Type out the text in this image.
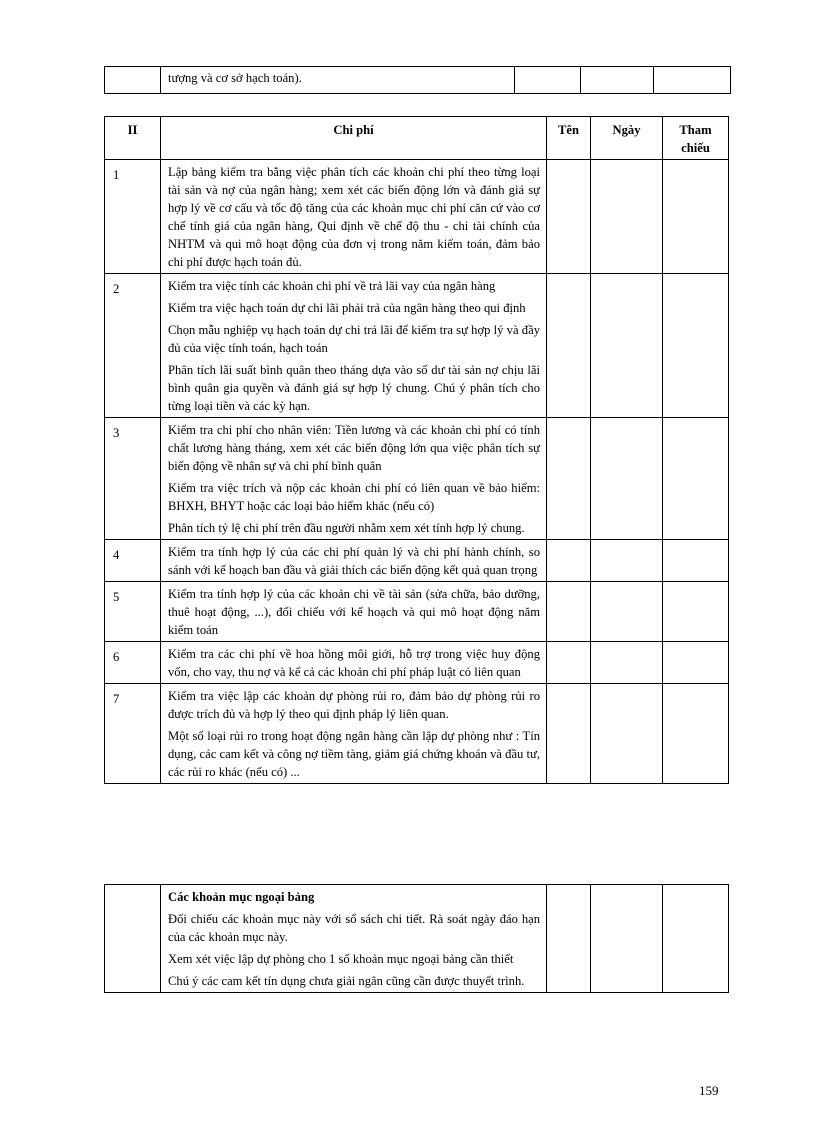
	tượng và cơ sở hạch toán).			
II	Chi phí	Tên	Ngày	Tham
chiếu
1	Lập bảng kiểm tra bằng việc phân tích các khoản chi phí theo từng loại tài sản và nợ của ngân hàng; xem xét các biến động lớn và đánh giá sự hợp lý về cơ cấu và tốc độ tăng của các khoản mục chi phí căn cứ vào cơ chế tính giá của ngân hàng, Qui định về chế độ thu - chi tài chính của NHTM và qui mô hoạt động của đơn vị trong năm kiểm toán, đảm bảo chi phí được hạch toán đủ.			

2	Kiểm tra việc tính các khoản chi phí về trả lãi vay của ngân hàng

Kiểm tra việc hạch toán dự chi lãi phải trả của ngân hàng theo qui định

Chọn mẫu nghiệp vụ hạch toán dự chi trả lãi để kiểm tra sự hợp lý và đầy đủ của việc tính toán, hạch toán

Phân tích lãi suất bình quân theo tháng dựa vào số dư tài sản nợ chịu lãi bình quân gia quyền và đánh giá sự hợp lý chung. Chú ý phân tích cho từng loại tiền và các kỳ hạn.			

3	Kiểm tra chi phí cho nhân viên: Tiền lương và các khoản chi phí có tính chất lương hàng tháng, xem xét các biến động lớn qua việc phân tích sự biến động về nhân sự và chi phí bình quân

Kiểm tra việc trích và nộp các khoản chi phí có liên quan về bảo hiểm: BHXH, BHYT hoặc các loại bảo hiểm khác (nếu có)

Phân tích tỷ lệ chi phí trên đầu người nhằm xem xét tính hợp lý chung.			

4	Kiểm tra tính hợp lý của các chi phí quản lý và chi phí hành chính, so sánh với kế hoạch ban đầu và giải thích các biến động kết quả quan trọng			

5	Kiểm tra tính hợp lý của các khoản chi về tài sản (sửa chữa, bảo dưỡng, thuê hoạt động, ...), đối chiếu với kế hoạch và qui mô hoạt động năm kiểm toán			

6	Kiểm tra các chi phí về hoa hồng môi giới, hỗ trợ trong việc huy động vốn, cho vay, thu nợ và kể cả các khoản chi phí pháp luật có liên quan			

7	Kiểm tra việc lập các khoản dự phòng rủi ro, đảm bảo dự phòng rủi ro được trích đủ và hợp lý theo qui định pháp lý liên quan.

Một số loại rủi ro trong hoạt động ngân hàng cần lập dự phòng như : Tín dụng, các cam kết và công nợ tiềm tàng, giảm giá chứng khoán và đầu tư, các rủi ro khác (nếu có) ...			

Các khoản mục ngoại bảng

Đối chiếu các khoản mục này với sổ sách chi tiết. Rà soát ngày đáo hạn của các khoản mục này.

Xem xét việc lập dự phòng cho 1 số khoản mục ngoại bảng cần thiết

Chú ý các cam kết tín dụng chưa giải ngân cũng cần được thuyết trình.

159
